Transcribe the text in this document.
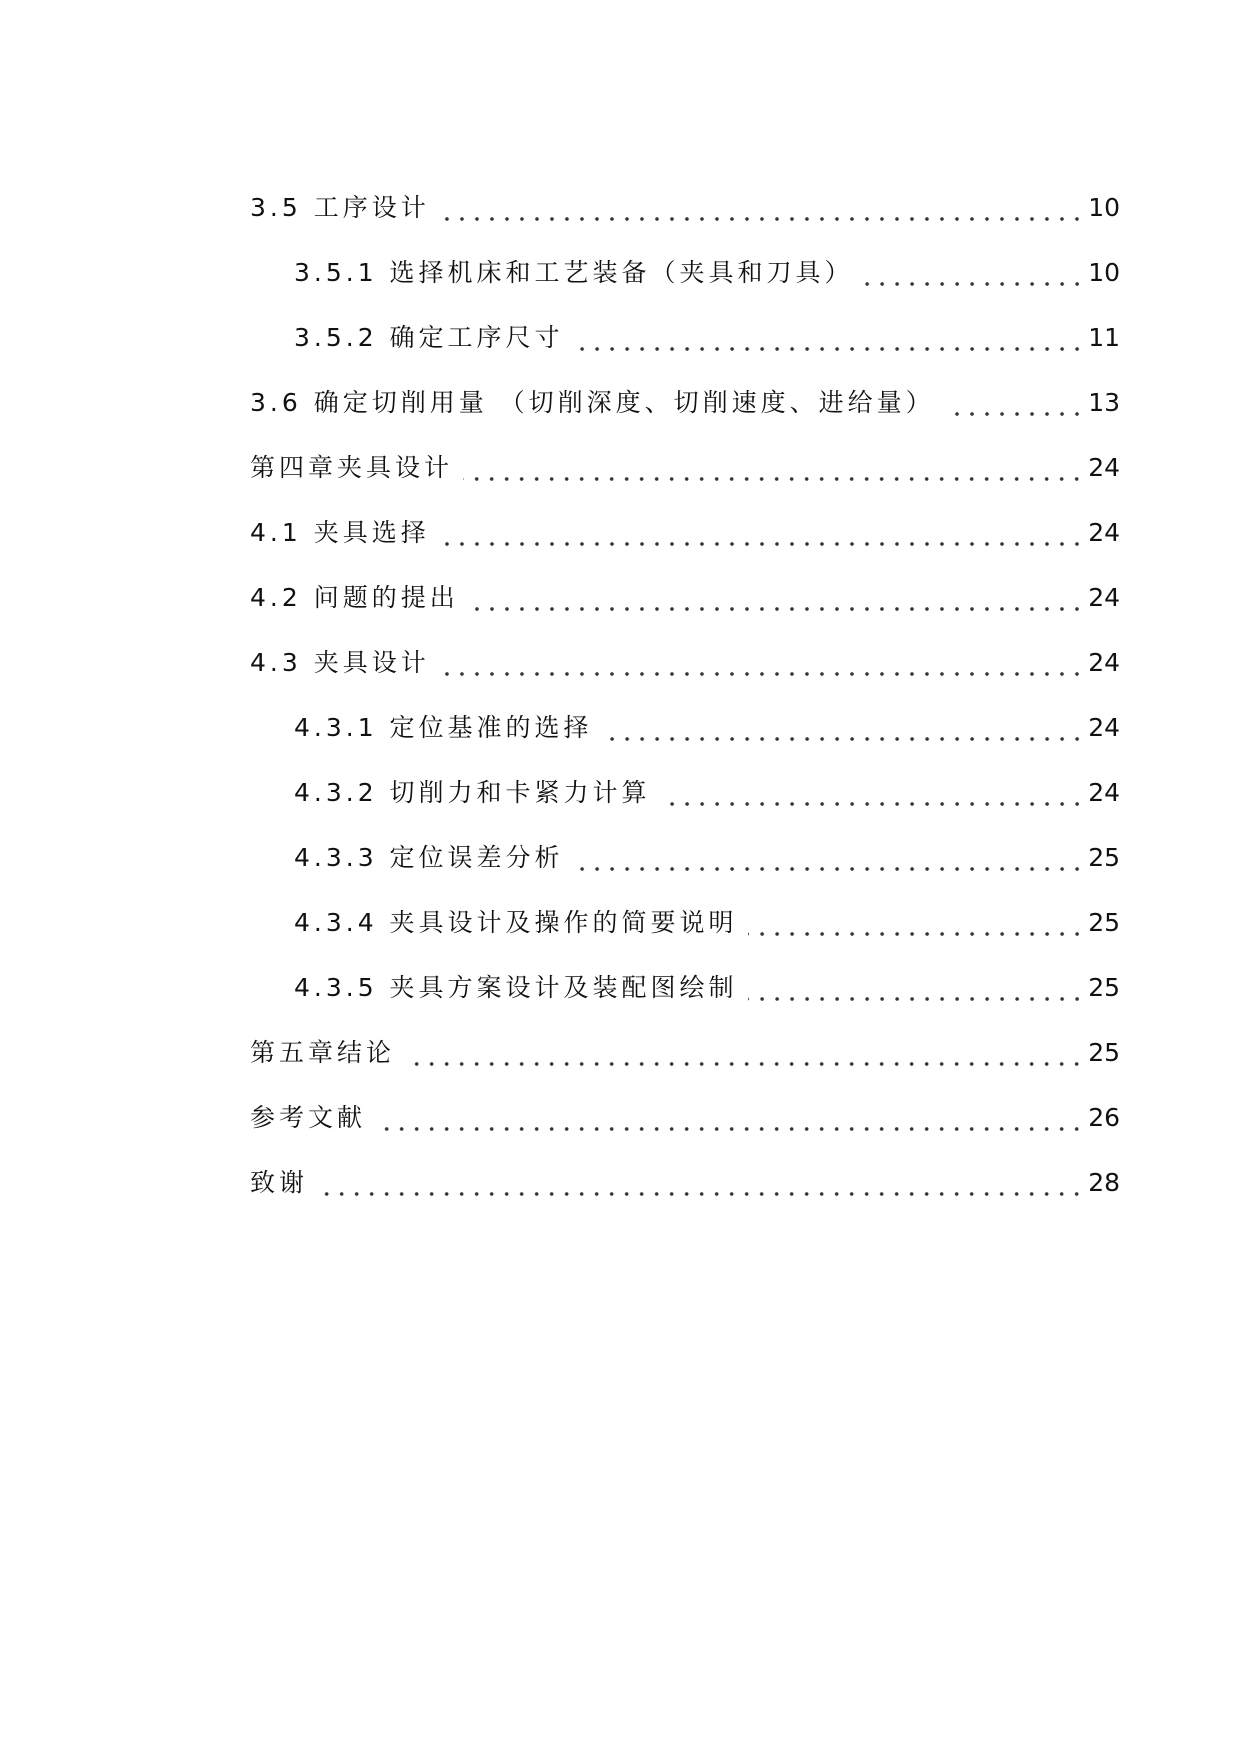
3.5 工序设计	10
3.5.1 选择机床和工艺装备（夹具和刀具）	10
3.5.2 确定工序尺寸	11
3.6 确定切削用量 （切削深度、切削速度、进给量）	13
第四章夹具设计	24
4.1 夹具选择	24
4.2 问题的提出	24
4.3 夹具设计	24
4.3.1 定位基准的选择	24
4.3.2 切削力和卡紧力计算	24
4.3.3 定位误差分析	25
4.3.4 夹具设计及操作的简要说明	25
4.3.5 夹具方案设计及装配图绘制	25
第五章结论	25
参考文献	26
致谢	28
